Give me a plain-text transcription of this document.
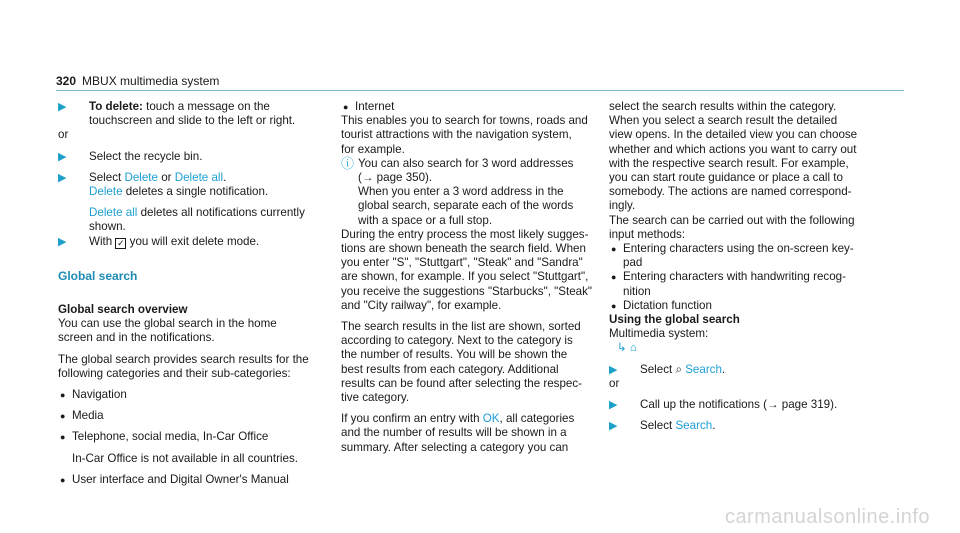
320 MBUX multimedia system
▶ To delete: touch a message on the
touchscreen and slide to the left or right.
or
▶ Select the recycle bin.
▶ Select Delete or Delete all.
Delete deletes a single notification.
Delete all deletes all notifications currently
shown.
▶ With ✓ you will exit delete mode.
Global search
Global search overview
You can use the global search in the home
screen and in the notifications.
The global search provides search results for the
following categories and their sub-categories:
● Navigation
● Media
● Telephone, social media, In-Car Office
In-Car Office is not available in all countries.
● User interface and Digital Owner's Manual
● Internet
This enables you to search for towns, roads and
tourist attractions with the navigation system,
for example.
ⓘ You can also search for 3 word addresses
(→ page 350).
When you enter a 3 word address in the
global search, separate each of the words
with a space or a full stop.
During the entry process the most likely sugges-
tions are shown beneath the search field. When
you enter "S", "Stuttgart", "Steak" and "Sandra"
are shown, for example. If you select "Stuttgart",
you receive the suggestions "Starbucks", "Steak"
and "City railway", for example.
The search results in the list are shown, sorted
according to category. Next to the category is
the number of results. You will be shown the
best results from each category. Additional
results can be found after selecting the respec-
tive category.
If you confirm an entry with OK, all categories
and the number of results will be shown in a
summary. After selecting a category you can
select the search results within the category.
When you select a search result the detailed
view opens. In the detailed view you can choose
whether and which actions you want to carry out
with the respective search result. For example,
you can start route guidance or place a call to
somebody. The actions are named correspond-
ingly.
The search can be carried out with the following
input methods:
● Entering characters using the on-screen key-
pad
● Entering characters with handwriting recog-
nition
● Dictation function
Using the global search
Multimedia system:
↳ ⌂
▶ Select ⌕ Search.
or
▶ Call up the notifications (→ page 319).
▶ Select Search.
carmanualsonline.info
